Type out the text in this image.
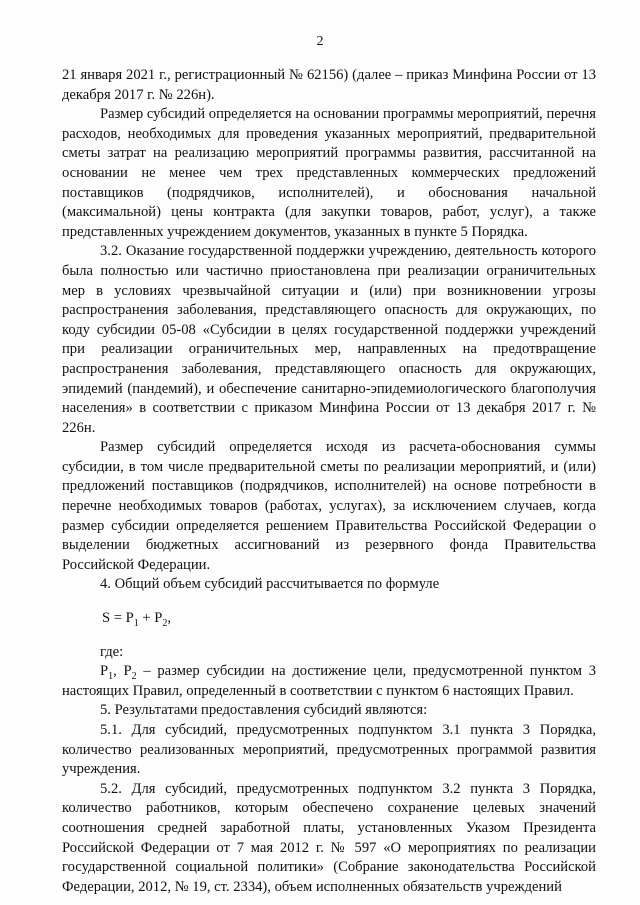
2

21 января 2021 г., регистрационный № 62156) (далее – приказ Минфина России от 13 декабря 2017 г. № 226н).

Размер субсидий определяется на основании программы мероприятий, перечня расходов, необходимых для проведения указанных мероприятий, предварительной сметы затрат на реализацию мероприятий программы развития, рассчитанной на основании не менее чем трех представленных коммерческих предложений поставщиков (подрядчиков, исполнителей), и обоснования начальной (максимальной) цены контракта (для закупки товаров, работ, услуг), а также представленных учреждением документов, указанных в пункте 5 Порядка.

3.2. Оказание государственной поддержки учреждению, деятельность которого была полностью или частично приостановлена при реализации ограничительных мер в условиях чрезвычайной ситуации и (или) при возникновении угрозы распространения заболевания, представляющего опасность для окружающих, по коду субсидии 05-08 «Субсидии в целях государственной поддержки учреждений при реализации ограничительных мер, направленных на предотвращение распространения заболевания, представляющего опасность для окружающих, эпидемий (пандемий), и обеспечение санитарно-эпидемиологического благополучия населения» в соответствии с приказом Минфина России от 13 декабря 2017 г. № 226н.

Размер субсидий определяется исходя из расчета-обоснования суммы субсидии, в том числе предварительной сметы по реализации мероприятий, и (или) предложений поставщиков (подрядчиков, исполнителей) на основе потребности в перечне необходимых товаров (работах, услугах), за исключением случаев, когда размер субсидии определяется решением Правительства Российской Федерации о выделении бюджетных ассигнований из резервного фонда Правительства Российской Федерации.

4. Общий объем субсидий рассчитывается по формуле

$S = P_1 + P_2$,

где:

$P_1$, $P_2$ – размер субсидии на достижение цели, предусмотренной пунктом 3 настоящих Правил, определенный в соответствии с пунктом 6 настоящих Правил.

5. Результатами предоставления субсидий являются:

5.1. Для субсидий, предусмотренных подпунктом 3.1 пункта 3 Порядка, количество реализованных мероприятий, предусмотренных программой развития учреждения.

5.2. Для субсидий, предусмотренных подпунктом 3.2 пункта 3 Порядка, количество работников, которым обеспечено сохранение целевых значений соотношения средней заработной платы, установленных Указом Президента Российской Федерации от 7 мая 2012 г. № 597 «О мероприятиях по реализации государственной социальной политики» (Собрание законодательства Российской Федерации, 2012, № 19, ст. 2334), объем исполненных обязательств учреждений
